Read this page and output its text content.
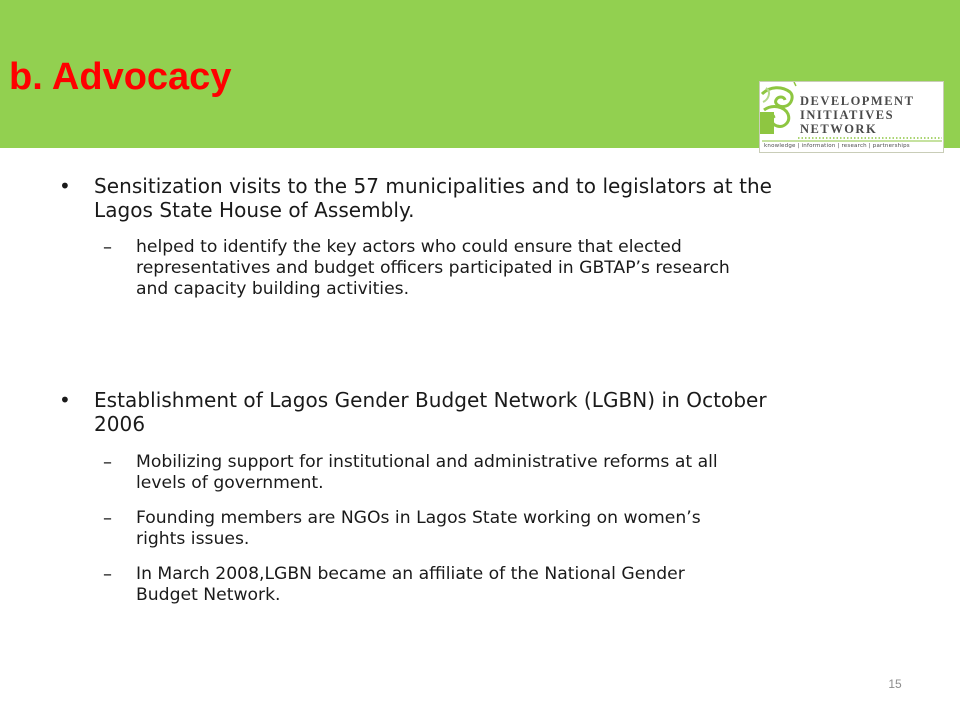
b. Advocacy

DEVELOPMENT

INITIATIVES

NETWORK

knowledge | information | research | partnerships

• Sensitization visits to the 57 municipalities and to legislators at the
Lagos State House of Assembly.

– helped to identify the key actors who could ensure that elected
representatives and budget officers participated in GBTAP’s research
and capacity building activities.

• Establishment of Lagos Gender Budget Network (LGBN) in October
2006

– Mobilizing support for institutional and administrative reforms at all
levels of government.

– Founding members are NGOs in Lagos State working on women’s
rights issues.

– In March 2008,LGBN became an affiliate of the National Gender
Budget Network.

15
